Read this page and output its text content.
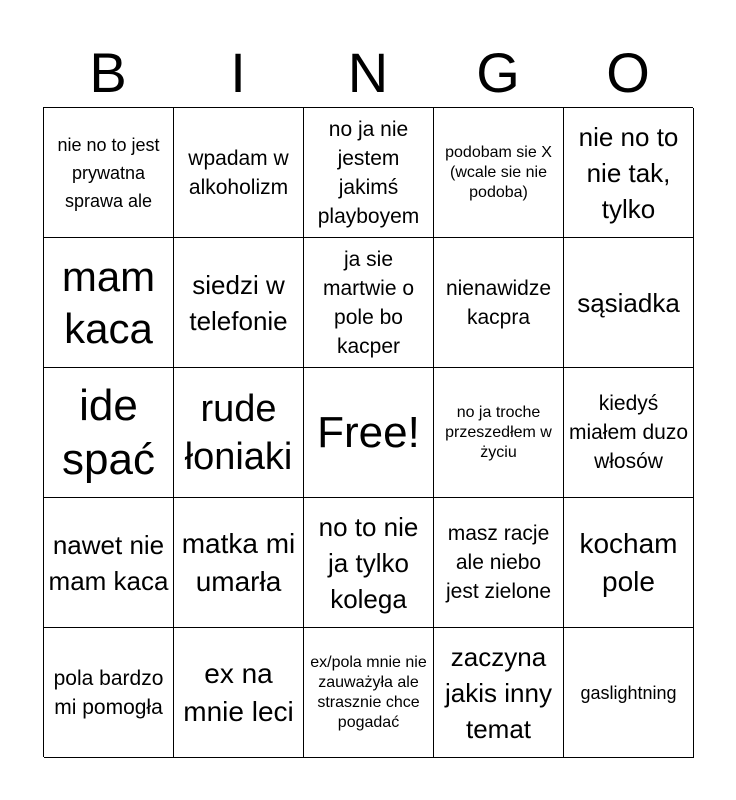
B	I	N	G	O
nie no to jest prywatna sprawa ale
wpadam w alkoholizm
no ja nie jestem jakimś playboyem
podobam sie X (wcale sie nie podoba)
nie no to nie tak, tylko
mam kaca
siedzi w telefonie
ja sie martwie o pole bo kacper
nienawidze kacpra	sąsiadka
ide spać
rude łoniaki Free!	no ja troche przeszedłem w życiu
kiedyś miałem duzo włosów
nawet nie mam kaca
matka mi umarła
no to nie ja tylko kolega
masz racje ale niebo jest zielone
kocham pole
pola bardzo mi pomogła
ex na mnie leci
ex/pola mnie nie zauważyła ale strasznie chce pogadać
zaczyna jakis inny temat
gaslightning
